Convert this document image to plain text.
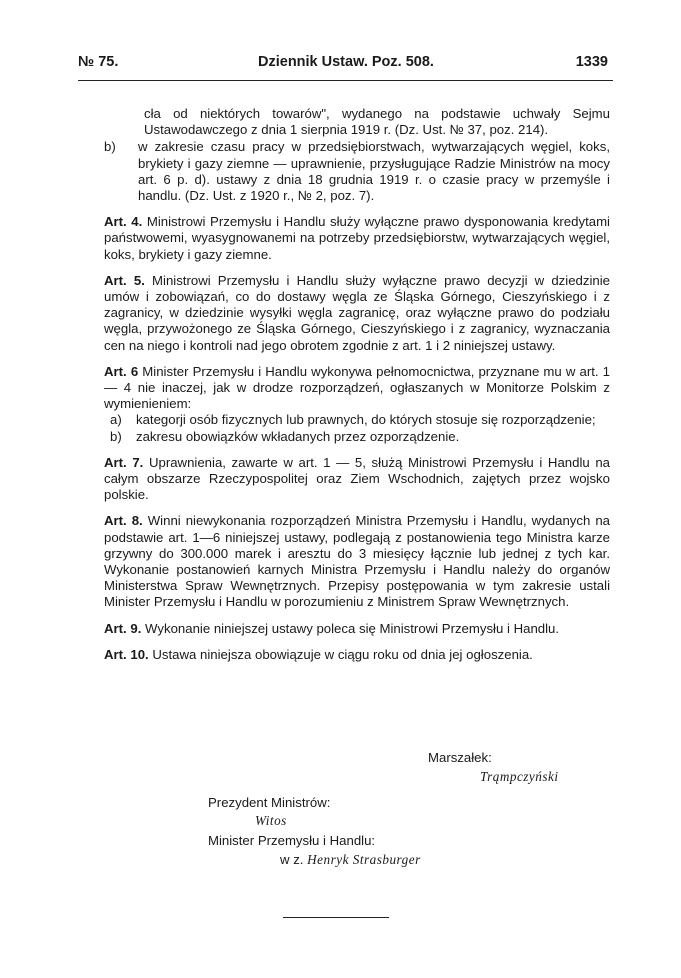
№ 75.	Dziennik Ustaw. Poz. 508.	1339

cła od niektórych towarów", wydanego na podstawie uchwały Sejmu Ustawodawczego z dnia 1 sierpnia 1919 r. (Dz. Ust. № 37, poz. 214).

b)	w zakresie czasu pracy w przedsiębiorstwach, wytwarzających węgiel, koks, brykiety i gazy ziemne — uprawnienie, przysługujące Radzie Ministrów na mocy art. 6 p. d). ustawy z dnia 18 grudnia 1919 r. o czasie pracy w przemyśle i handlu. (Dz. Ust. z 1920 r., № 2, poz. 7).

Art. 4. Ministrowi Przemysłu i Handlu służy wyłączne prawo dysponowania kredytami państwowemi, wyasygnowanemi na potrzeby przedsiębiorstw, wytwarzających węgiel, koks, brykiety i gazy ziemne.

Art. 5. Ministrowi Przemysłu i Handlu służy wyłączne prawo decyzji w dziedzinie umów i zobowiązań, co do dostawy węgla ze Śląska Górnego, Cieszyńskiego i z zagranicy, w dziedzinie wysyłki węgla zagranicę, oraz wyłączne prawo do podziału węgla, przywożonego ze Śląska Górnego, Cieszyńskiego i z zagranicy, wyznaczania cen na niego i kontroli nad jego obrotem zgodnie z art. 1 i 2 niniejszej ustawy.

Art. 6 Minister Przemysłu i Handlu wykonywa pełnomocnictwa, przyznane mu w art. 1 — 4 nie inaczej, jak w drodze rozporządzeń, ogłaszanych w Monitorze Polskim z wymienieniem:
a)	kategorji osób fizycznych lub prawnych, do których stosuje się rozporządzenie;
b)	zakresu obowiązków wkładanych przez ozporządzenie.

Art. 7. Uprawnienia, zawarte w art. 1 — 5, służą Ministrowi Przemysłu i Handlu na całym obszarze Rzeczypospolitej oraz Ziem Wschodnich, zajętych przez wojsko polskie.

Art. 8. Winni niewykonania rozporządzeń Ministra Przemysłu i Handlu, wydanych na podstawie art. 1—6 niniejszej ustawy, podlegają z postanowienia tego Ministra karze grzywny do 300.000 marek i aresztu do 3 miesięcy łącznie lub jednej z tych kar. Wykonanie postanowień karnych Ministra Przemysłu i Handlu należy do organów Ministerstwa Spraw Wewnętrznych. Przepisy postępowania w tym zakresie ustali Minister Przemysłu i Handlu w porozumieniu z Ministrem Spraw Wewnętrznych.

Art. 9. Wykonanie niniejszej ustawy poleca się Ministrowi Przemysłu i Handlu.

Art. 10. Ustawa niniejsza obowiązuje w ciągu roku od dnia jej ogłoszenia.

Marszałek:
Trąmpczyński
Prezydent Ministrów:
Witos
Minister Przemysłu i Handlu:
w z. Henryk Strasburger
